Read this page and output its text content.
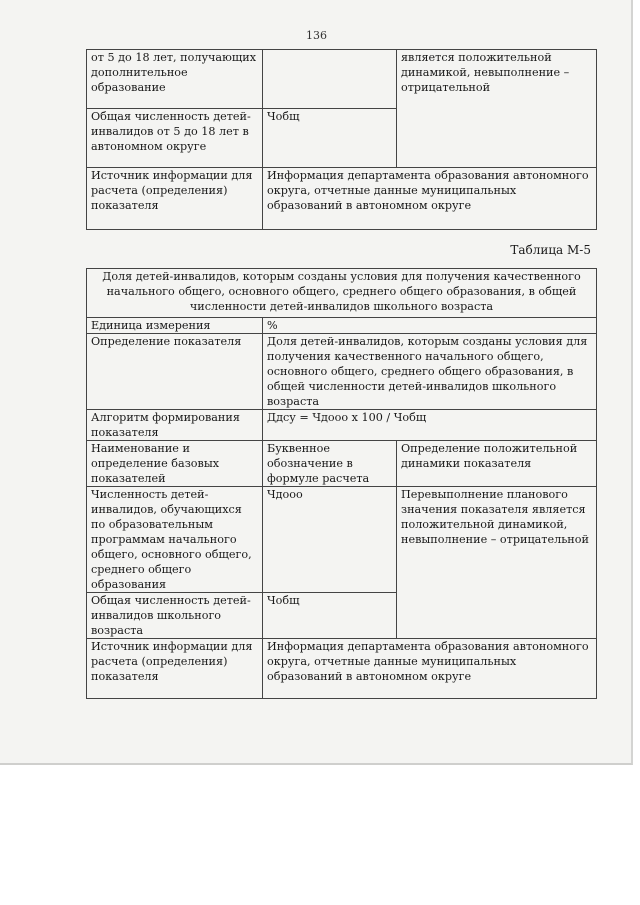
136
от 5 до 18 лет, получающих дополнительное образование		является положительной динамикой, невыполнение – отрицательной
Общая численность детей-инвалидов от 5 до 18 лет в автономном округе	Чобщ	
Источник информации для расчета (определения) показателя	Информация департамента образования автономного округа, отчетные данные муниципальных образований в автономном округе	
Таблица М-5
Доля детей-инвалидов, которым созданы условия для получения качественного начального общего, основного общего, среднего общего образования, в общей численности детей-инвалидов школьного возраста		
Единица измерения	%	
Определение показателя	Доля детей-инвалидов, которым созданы условия для получения качественного начального общего, основного общего, среднего общего образования, в общей численности детей-инвалидов школьного возраста	
Алгоритм формирования показателя	Ддсу = Чдооо х 100 / Чобщ	
Наименование и определение базовых показателей	Буквенное обозначение в формуле расчета	Определение положительной динамики показателя
Численность детей-инвалидов, обучающихся по образовательным программам начального общего, основного общего, среднего общего образования	Чдооо	Перевыполнение планового значения показателя является положительной динамикой, невыполнение – отрицательной
Общая численность детей-инвалидов школьного возраста	Чобщ	
Источник информации для расчета (определения) показателя	Информация департамента образования автономного округа, отчетные данные муниципальных образований в автономном округе	
